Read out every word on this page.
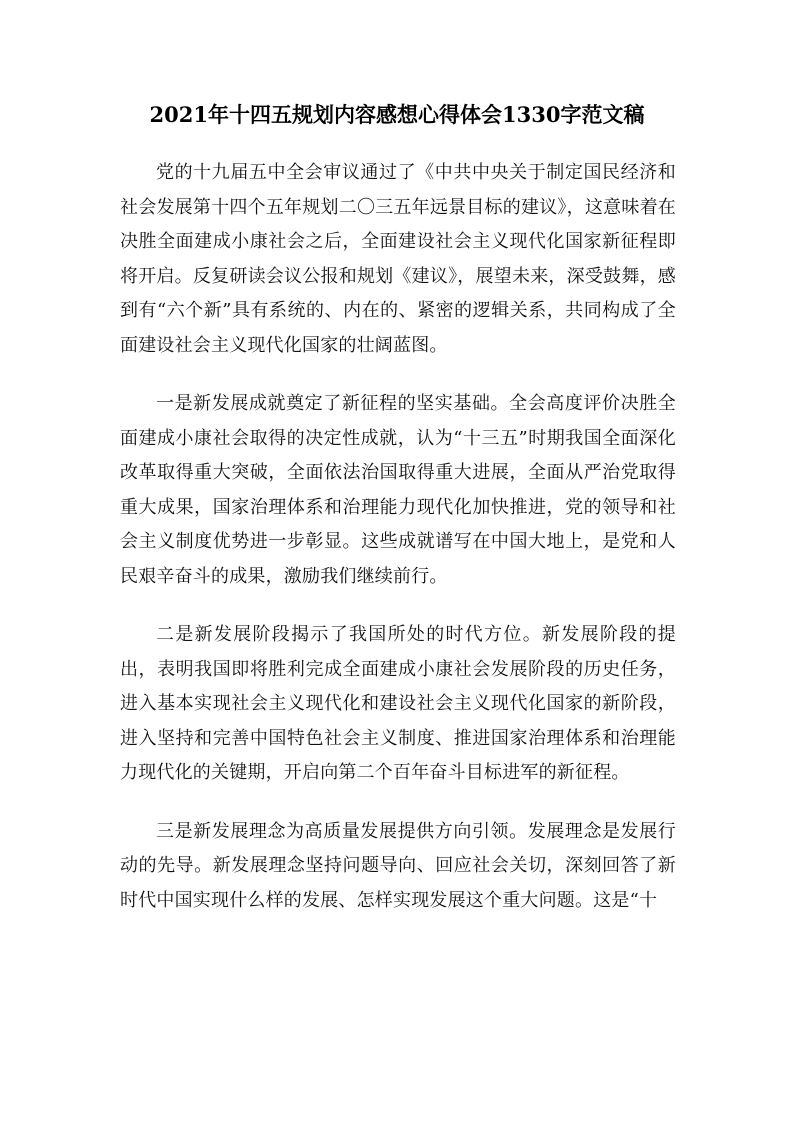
2021年十四五规划内容感想心得体会1330字范文稿

党的十九届五中全会审议通过了《中共中央关于制定国民经济和社会发展第十四个五年规划二〇三五年远景目标的建议》，这意味着在决胜全面建成小康社会之后，全面建设社会主义现代化国家新征程即将开启。反复研读会议公报和规划《建议》，展望未来，深受鼓舞，感到有“六个新”具有系统的、内在的、紧密的逻辑关系，共同构成了全面建设社会主义现代化国家的壮阔蓝图。

一是新发展成就奠定了新征程的坚实基础。全会高度评价决胜全面建成小康社会取得的决定性成就，认为“十三五”时期我国全面深化改革取得重大突破，全面依法治国取得重大进展，全面从严治党取得重大成果，国家治理体系和治理能力现代化加快推进，党的领导和社会主义制度优势进一步彰显。这些成就谱写在中国大地上，是党和人民艰辛奋斗的成果，激励我们继续前行。

二是新发展阶段揭示了我国所处的时代方位。新发展阶段的提出，表明我国即将胜利完成全面建成小康社会发展阶段的历史任务，进入基本实现社会主义现代化和建设社会主义现代化国家的新阶段，进入坚持和完善中国特色社会主义制度、推进国家治理体系和治理能力现代化的关键期，开启向第二个百年奋斗目标进军的新征程。

三是新发展理念为高质量发展提供方向引领。发展理念是发展行动的先导。新发展理念坚持问题导向、回应社会关切，深刻回答了新时代中国实现什么样的发展、怎样实现发展这个重大问题。这是“十
